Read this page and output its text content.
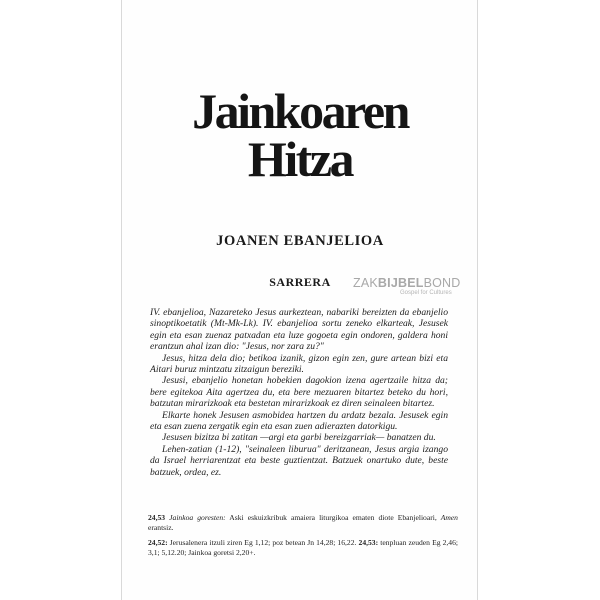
Jainkoaren
Hitza
JOANEN EBANJELIOA
SARRERA	ZAKBIJBELBOND
Gospel for Cultures

IV. ebanjelioa, Nazareteko Jesus aurkeztean, nabariki bereizten da ebanjelio sinoptikoetatik (Mt-Mk-Lk). IV. ebanjelioa sortu zeneko elkarteak, Jesusek egin eta esan zuenaz patxadan eta luze gogoeta egin ondoren, galdera honi erantzun ahal izan dio: "Jesus, nor zara zu?"

Jesus, hitza dela dio; betikoa izanik, gizon egin zen, gure artean bizi eta Aitari buruz mintzatu zitzaigun bereziki.

Jesusi, ebanjelio honetan hobekien dagokion izena agertzaile hitza da; bere egitekoa Aita agertzea du, eta bere mezuaren bitartez beteko du hori, batzutan mirarizkoak eta bestetan mirarizkoak ez diren seinaleen bitartez.

Elkarte honek Jesusen asmobidea hartzen du ardatz bezala. Jesusek egin eta esan zuena zergatik egin eta esan zuen adierazten datorkigu.

Jesusen bizitza bi zatitan —argi eta garbi bereizgarriak— banatzen du.

Lehen-zatian (1-12), "seinaleen liburua" deritzanean, Jesus argia izango da Israel herriarentzat eta beste guztientzat. Batzuek onartuko dute, beste batzuek, ordea, ez.

24,53 Jainkoa goresten: Aski eskuizkribuk amaiera liturgikoa ematen diote Ebanjelioari, Amen erantsiz.
24,52: Jerusalenera itzuli ziren Eg 1,12; poz betean Jn 14,28; 16,22. 24,53: tenpluan zeuden Eg 2,46; 3,1; 5,12.20; Jainkoa goretsi 2,20+.
